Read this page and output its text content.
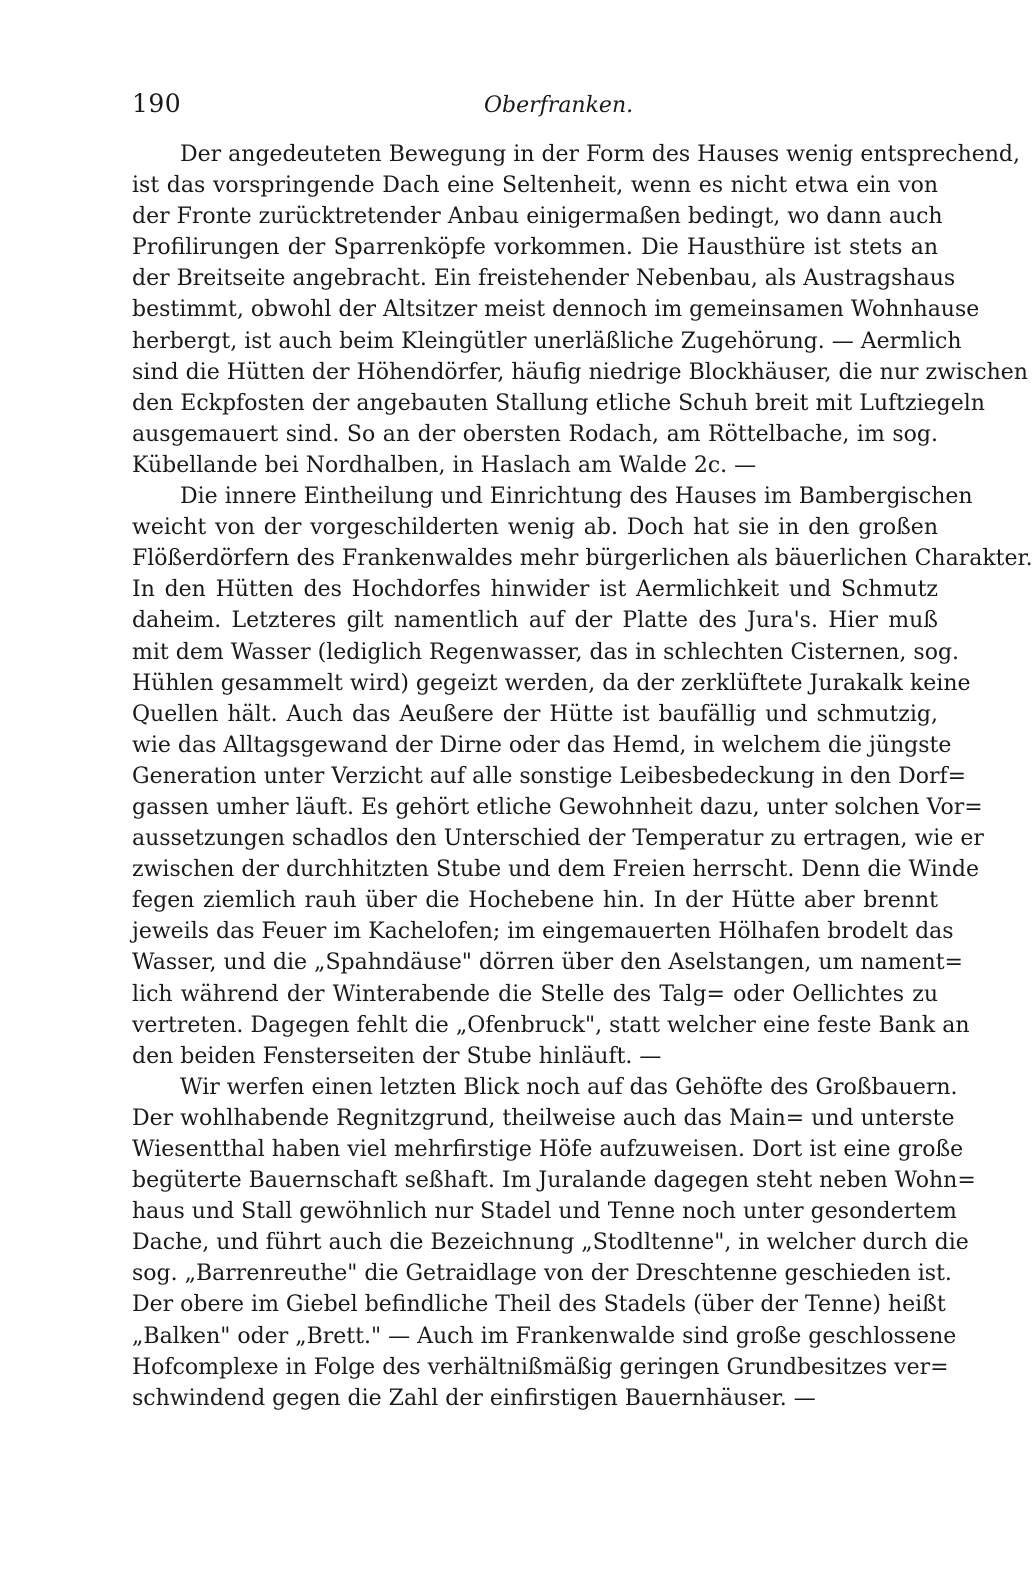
190	Oberfranken.
Der angedeuteten Bewegung in der Form des Hauses wenig entsprechend,
ist das vorspringende Dach eine Seltenheit, wenn es nicht etwa ein von
der Fronte zurücktretender Anbau einigermaßen bedingt, wo dann auch
Profilirungen der Sparrenköpfe vorkommen. Die Hausthüre ist stets an
der Breitseite angebracht. Ein freistehender Nebenbau, als Austragshaus
bestimmt, obwohl der Altsitzer meist dennoch im gemeinsamen Wohnhause
herbergt, ist auch beim Kleingütler unerläßliche Zugehörung. — Aermlich
sind die Hütten der Höhendörfer, häufig niedrige Blockhäuser, die nur zwischen
den Eckpfosten der angebauten Stallung etliche Schuh breit mit Luftziegeln
ausgemauert sind. So an der obersten Rodach, am Röttelbache, im sog.
Kübellande bei Nordhalben, in Haslach am Walde 2c. —
Die innere Eintheilung und Einrichtung des Hauses im Bambergischen
weicht von der vorgeschilderten wenig ab. Doch hat sie in den großen
Flößerdörfern des Frankenwaldes mehr bürgerlichen als bäuerlichen Charakter.
In den Hütten des Hochdorfes hinwider ist Aermlichkeit und Schmutz
daheim. Letzteres gilt namentlich auf der Platte des Jura's. Hier muß
mit dem Wasser (lediglich Regenwasser, das in schlechten Cisternen, sog.
Hühlen gesammelt wird) gegeizt werden, da der zerklüftete Jurakalk keine
Quellen hält. Auch das Aeußere der Hütte ist baufällig und schmutzig,
wie das Alltagsgewand der Dirne oder das Hemd, in welchem die jüngste
Generation unter Verzicht auf alle sonstige Leibesbedeckung in den Dorf=
gassen umher läuft. Es gehört etliche Gewohnheit dazu, unter solchen Vor=
aussetzungen schadlos den Unterschied der Temperatur zu ertragen, wie er
zwischen der durchhitzten Stube und dem Freien herrscht. Denn die Winde
fegen ziemlich rauh über die Hochebene hin. In der Hütte aber brennt
jeweils das Feuer im Kachelofen; im eingemauerten Hölhafen brodelt das
Wasser, und die „Spahndäuse" dörren über den Aselstangen, um nament=
lich während der Winterabende die Stelle des Talg= oder Oellichtes zu
vertreten. Dagegen fehlt die „Ofenbruck", statt welcher eine feste Bank an
den beiden Fensterseiten der Stube hinläuft. —
Wir werfen einen letzten Blick noch auf das Gehöfte des Großbauern.
Der wohlhabende Regnitzgrund, theilweise auch das Main= und unterste
Wiesentthal haben viel mehrfirstige Höfe aufzuweisen. Dort ist eine große
begüterte Bauernschaft seßhaft. Im Juralande dagegen steht neben Wohn=
haus und Stall gewöhnlich nur Stadel und Tenne noch unter gesondertem
Dache, und führt auch die Bezeichnung „Stodltenne", in welcher durch die
sog. „Barrenreuthe" die Getraidlage von der Dreschtenne geschieden ist.
Der obere im Giebel befindliche Theil des Stadels (über der Tenne) heißt
„Balken" oder „Brett." — Auch im Frankenwalde sind große geschlossene
Hofcomplexe in Folge des verhältnißmäßig geringen Grundbesitzes ver=
schwindend gegen die Zahl der einfirstigen Bauernhäuser. —
